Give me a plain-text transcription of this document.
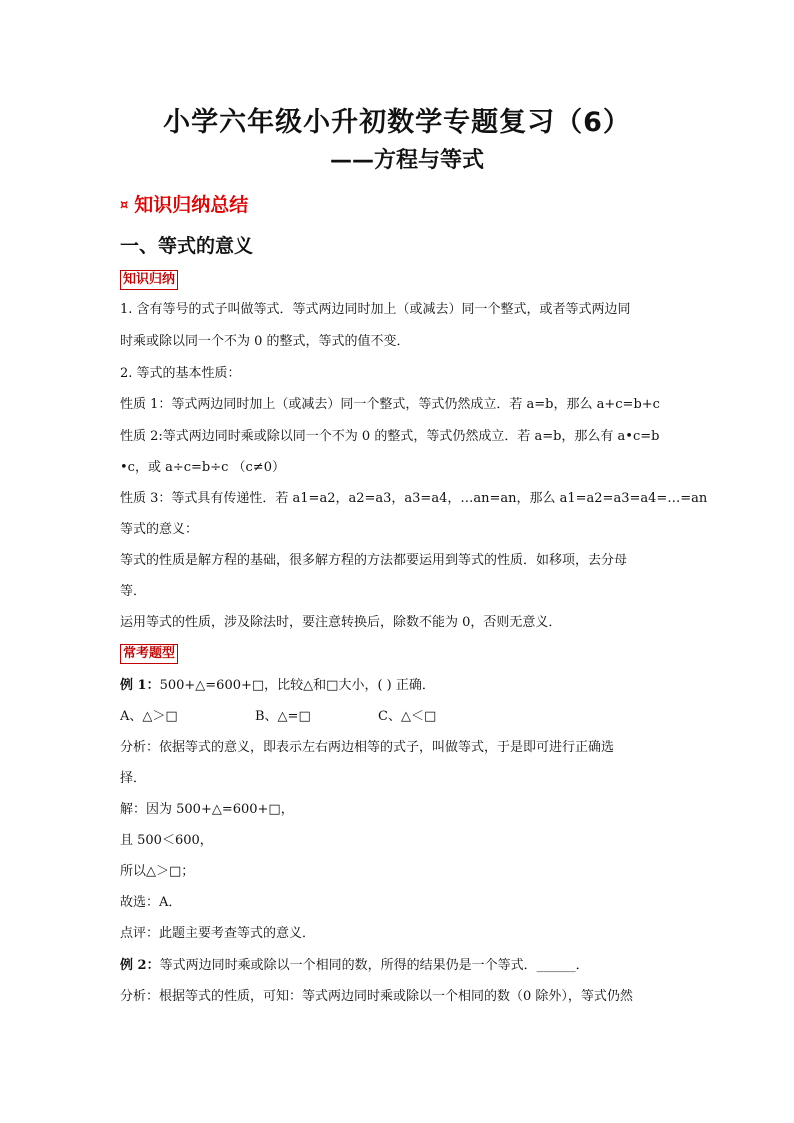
小学六年级小升初数学专题复习（6）
——方程与等式
¤ 知识归纳总结
一、等式的意义
知识归纳
1. 含有等号的式子叫做等式．等式两边同时加上（或减去）同一个整式，或者等式两边同
时乘或除以同一个不为 0 的整式，等式的值不变．
2. 等式的基本性质：
性质 1：等式两边同时加上（或减去）同一个整式，等式仍然成立．若 a=b，那么 a+c=b+c
性质 2:等式两边同时乘或除以同一个不为 0 的整式，等式仍然成立．若 a=b，那么有 a•c=b
•c，或 a÷c=b÷c （c≠0）
性质 3：等式具有传递性．若 a1=a2，a2=a3，a3=a4，…an=an，那么 a1=a2=a3=a4=…=an
等式的意义：
等式的性质是解方程的基础，很多解方程的方法都要运用到等式的性质．如移项，去分母
等．
运用等式的性质，涉及除法时，要注意转换后，除数不能为 0，否则无意义．
常考题型
例 1：500+△=600+□，比较△和□大小，( ) 正确．
A、△＞□	B、△=□	C、△＜□
分析：依据等式的意义，即表示左右两边相等的式子，叫做等式，于是即可进行正确选
择．
解：因为 500+△=600+□，
且 500＜600，
所以△＞□；
故选：A．
点评：此题主要考查等式的意义．
例 2：等式两边同时乘或除以一个相同的数，所得的结果仍是一个等式．______．
分析：根据等式的性质，可知：等式两边同时乘或除以一个相同的数（0 除外），等式仍然
